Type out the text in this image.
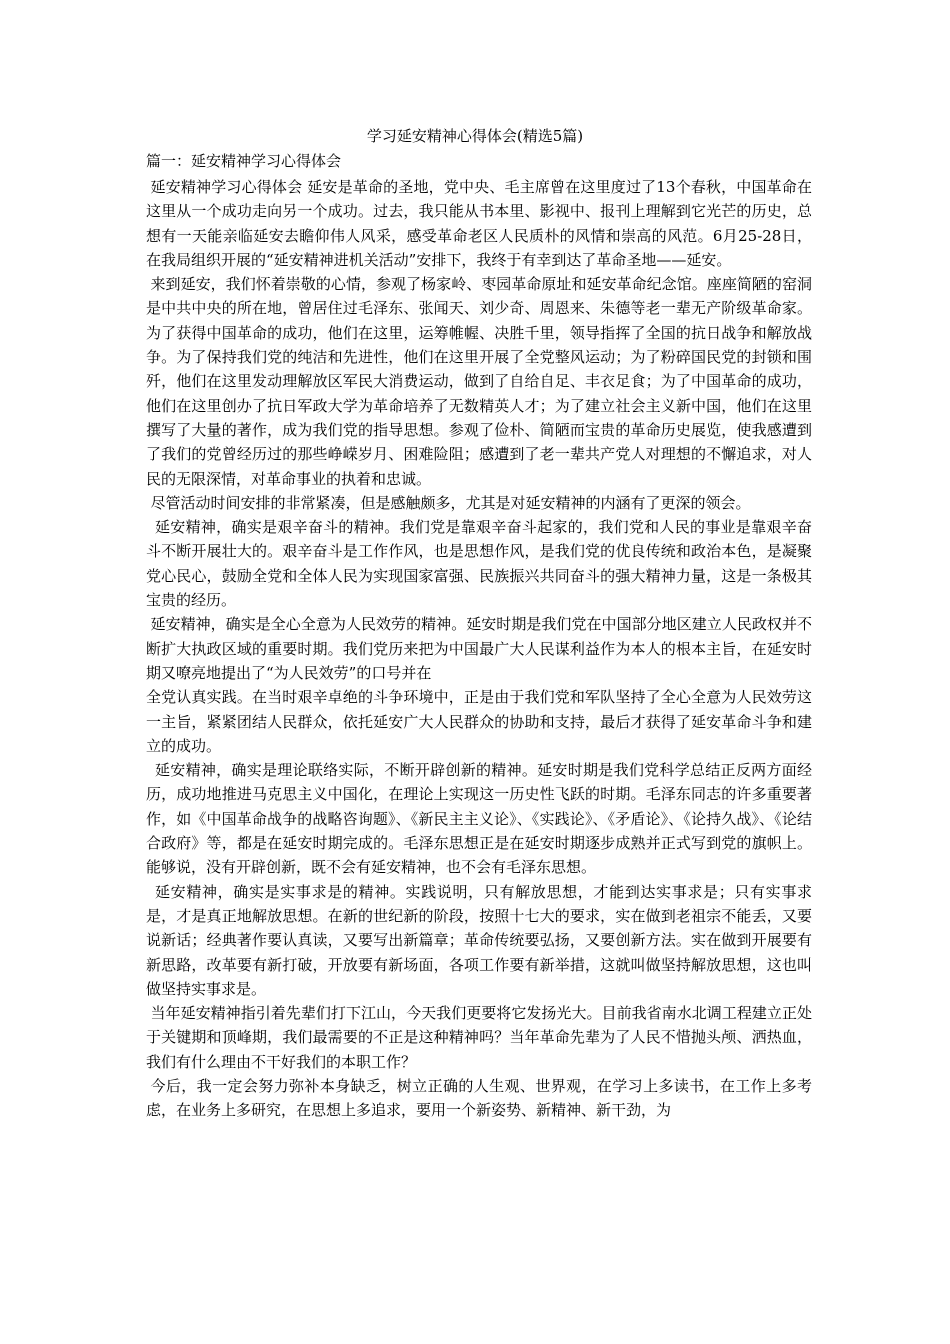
学习延安精神心得体会(精选5篇)
篇一：延安精神学习心得体会

延安精神学习心得体会 延安是革命的圣地，党中央、毛主席曾在这里度过了13个春秋，中国革命在这里从一个成功走向另一个成功。过去，我只能从书本里、影视中、报刊上理解到它光芒的历史，总想有一天能亲临延安去瞻仰伟人风采，感受革命老区人民质朴的风情和崇高的风范。6月25-28日，在我局组织开展的“延安精神进机关活动”安排下，我终于有幸到达了革命圣地——延安。

来到延安，我们怀着崇敬的心情，参观了杨家岭、枣园革命原址和延安革命纪念馆。座座简陋的窑洞是中共中央的所在地，曾居住过毛泽东、张闻天、刘少奇、周恩来、朱德等老一辈无产阶级革命家。为了获得中国革命的成功，他们在这里，运筹帷幄、决胜千里，领导指挥了全国的抗日战争和解放战争。为了保持我们党的纯洁和先进性，他们在这里开展了全党整风运动；为了粉碎国民党的封锁和围歼，他们在这里发动理解放区军民大消费运动，做到了自给自足、丰衣足食；为了中国革命的成功，他们在这里创办了抗日军政大学为革命培养了无数精英人才；为了建立社会主义新中国，他们在这里撰写了大量的著作，成为我们党的指导思想。参观了俭朴、简陋而宝贵的革命历史展览，使我感遭到了我们的党曾经历过的那些峥嵘岁月、困难险阻；感遭到了老一辈共产党人对理想的不懈追求，对人民的无限深情，对革命事业的执着和忠诚。

尽管活动时间安排的非常紧凑，但是感触颇多，尤其是对延安精神的内涵有了更深的领会。

延安精神，确实是艰辛奋斗的精神。我们党是靠艰辛奋斗起家的，我们党和人民的事业是靠艰辛奋斗不断开展壮大的。艰辛奋斗是工作作风，也是思想作风，是我们党的优良传统和政治本色，是凝聚党心民心，鼓励全党和全体人民为实现国家富强、民族振兴共同奋斗的强大精神力量，这是一条极其宝贵的经历。

延安精神，确实是全心全意为人民效劳的精神。延安时期是我们党在中国部分地区建立人民政权并不断扩大执政区域的重要时期。我们党历来把为中国最广大人民谋利益作为本人的根本主旨，在延安时期又嘹亮地提出了“为人民效劳”的口号并在

全党认真实践。在当时艰辛卓绝的斗争环境中，正是由于我们党和军队坚持了全心全意为人民效劳这一主旨，紧紧团结人民群众，依托延安广大人民群众的协助和支持，最后才获得了延安革命斗争和建立的成功。

延安精神，确实是理论联络实际，不断开辟创新的精神。延安时期是我们党科学总结正反两方面经历，成功地推进马克思主义中国化，在理论上实现这一历史性飞跃的时期。毛泽东同志的许多重要著作，如《中国革命战争的战略咨询题》、《新民主主义论》、《实践论》、《矛盾论》、《论持久战》、《论结合政府》等，都是在延安时期完成的。毛泽东思想正是在延安时期逐步成熟并正式写到党的旗帜上。能够说，没有开辟创新，既不会有延安精神，也不会有毛泽东思想。

延安精神，确实是实事求是的精神。实践说明，只有解放思想，才能到达实事求是；只有实事求是，才是真正地解放思想。在新的世纪新的阶段，按照十七大的要求，实在做到老祖宗不能丢，又要说新话；经典著作要认真读，又要写出新篇章；革命传统要弘扬，又要创新方法。实在做到开展要有新思路，改革要有新打破，开放要有新场面，各项工作要有新举措，这就叫做坚持解放思想，这也叫做坚持实事求是。

当年延安精神指引着先辈们打下江山，今天我们更要将它发扬光大。目前我省南水北调工程建立正处于关键期和顶峰期，我们最需要的不正是这种精神吗？当年革命先辈为了人民不惜抛头颅、洒热血，我们有什么理由不干好我们的本职工作？

今后，我一定会努力弥补本身缺乏，树立正确的人生观、世界观，在学习上多读书，在工作上多考虑，在业务上多研究，在思想上多追求，要用一个新姿势、新精神、新干劲，为
